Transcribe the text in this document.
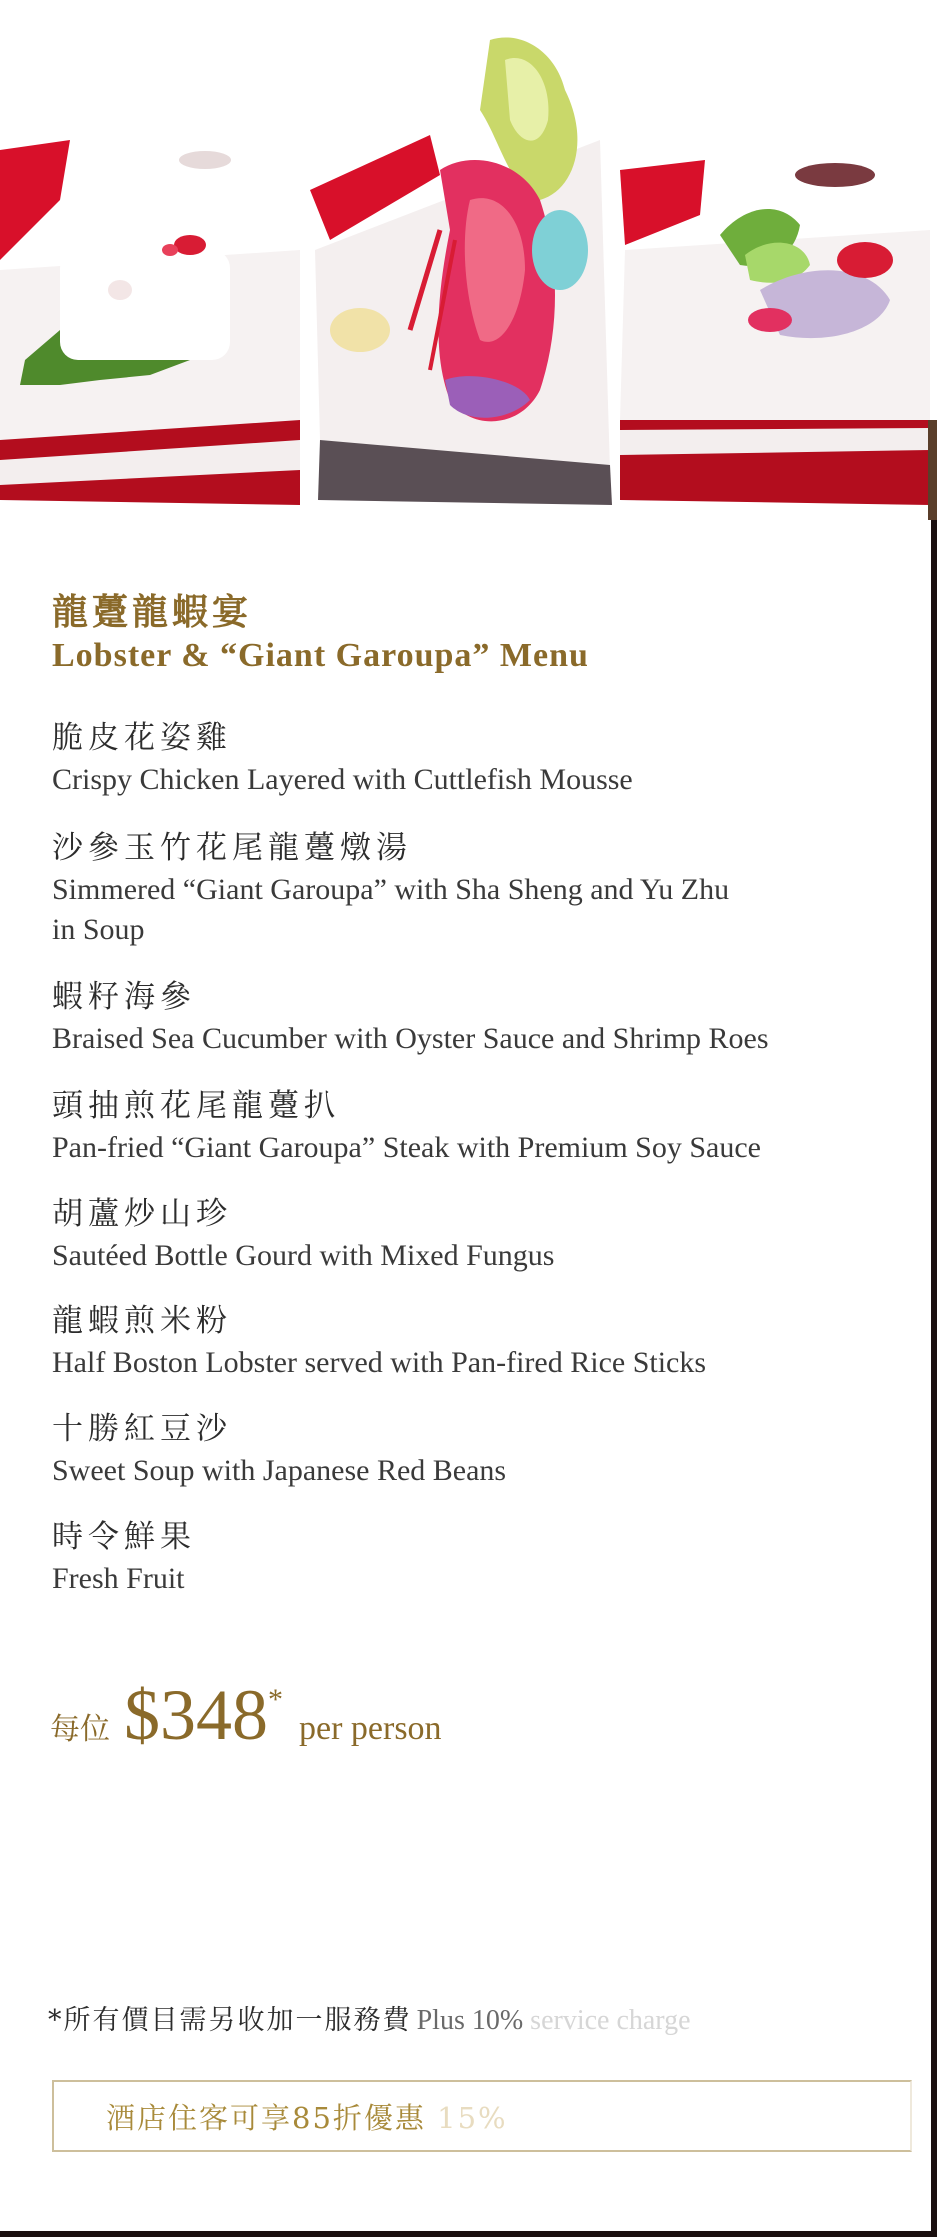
龍躉龍蝦宴
Lobster & “Giant Garoupa” Menu
脆皮花姿雞
Crispy Chicken Layered with Cuttlefish Mousse
沙參玉竹花尾龍躉燉湯
Simmered “Giant Garoupa” with Sha Sheng and Yu Zhu in Soup
蝦籽海參
Braised Sea Cucumber with Oyster Sauce and Shrimp Roes
頭抽煎花尾龍躉扒
Pan-fried “Giant Garoupa” Steak with Premium Soy Sauce
胡蘆炒山珍
Sautéed Bottle Gourd with Mixed Fungus
龍蝦煎米粉
Half Boston Lobster served with Pan-fired Rice Sticks
十勝紅豆沙
Sweet Soup with Japanese Red Beans
時令鮮果
Fresh Fruit
每位 $348 *
per person
*所有價目需另收加一服務費 Plus 10% service charge
酒店住客可享85折優惠 15%
